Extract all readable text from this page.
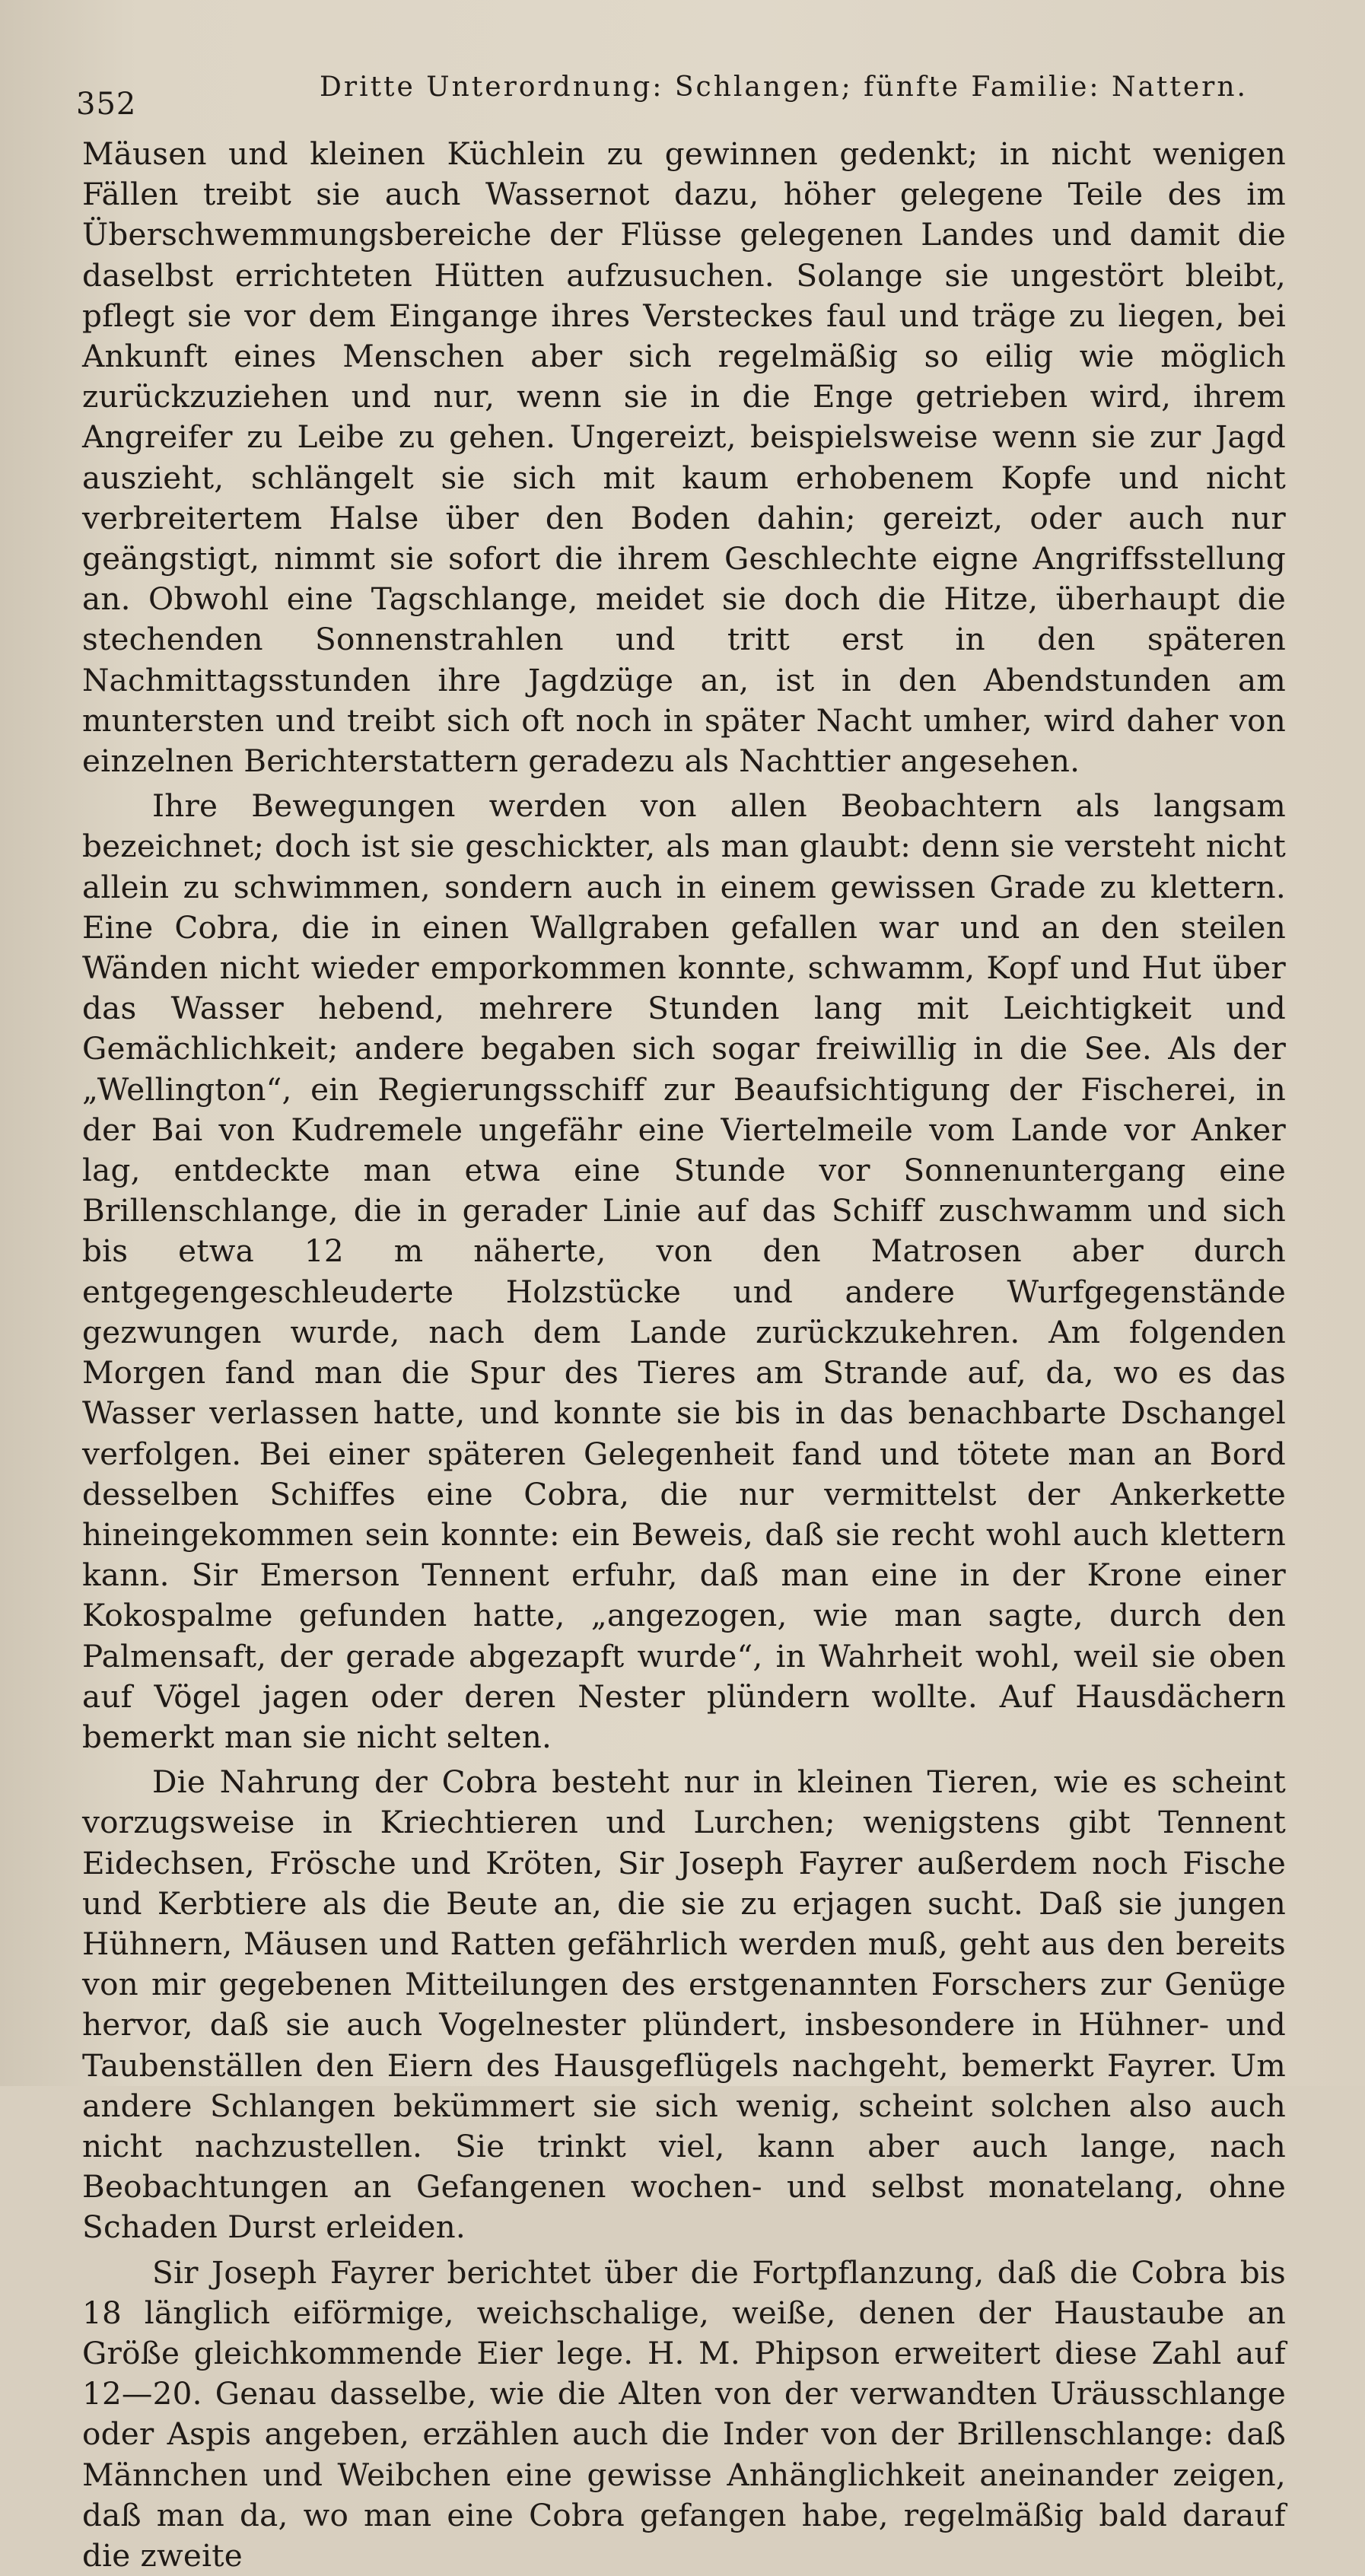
352	Dritte Unterordnung: Schlangen; fünfte Familie: Nattern.

Mäusen und kleinen Küchlein zu gewinnen gedenkt; in nicht wenigen Fällen treibt sie auch Wassernot dazu, höher gelegene Teile des im Überschwemmungsbereiche der Flüsse gelegenen Landes und damit die daselbst errichteten Hütten aufzusuchen. Solange sie ungestört bleibt, pflegt sie vor dem Eingange ihres Versteckes faul und träge zu liegen, bei Ankunft eines Menschen aber sich regelmäßig so eilig wie möglich zurückzuziehen und nur, wenn sie in die Enge getrieben wird, ihrem Angreifer zu Leibe zu gehen. Ungereizt, beispielsweise wenn sie zur Jagd auszieht, schlängelt sie sich mit kaum erhobenem Kopfe und nicht verbreitertem Halse über den Boden dahin; gereizt, oder auch nur geängstigt, nimmt sie sofort die ihrem Geschlechte eigne Angriffsstellung an. Obwohl eine Tagschlange, meidet sie doch die Hitze, überhaupt die stechenden Sonnenstrahlen und tritt erst in den späteren Nachmittagsstunden ihre Jagdzüge an, ist in den Abendstunden am muntersten und treibt sich oft noch in später Nacht umher, wird daher von einzelnen Berichterstattern geradezu als Nachttier angesehen.

Ihre Bewegungen werden von allen Beobachtern als langsam bezeichnet; doch ist sie geschickter, als man glaubt: denn sie versteht nicht allein zu schwimmen, sondern auch in einem gewissen Grade zu klettern. Eine Cobra, die in einen Wallgraben gefallen war und an den steilen Wänden nicht wieder emporkommen konnte, schwamm, Kopf und Hut über das Wasser hebend, mehrere Stunden lang mit Leichtigkeit und Gemächlichkeit; andere begaben sich sogar freiwillig in die See. Als der „Wellington“, ein Regierungsschiff zur Beaufsichtigung der Fischerei, in der Bai von Kudremele ungefähr eine Viertelmeile vom Lande vor Anker lag, entdeckte man etwa eine Stunde vor Sonnenuntergang eine Brillenschlange, die in gerader Linie auf das Schiff zuschwamm und sich bis etwa 12 m näherte, von den Matrosen aber durch entgegengeschleuderte Holzstücke und andere Wurfgegenstände gezwungen wurde, nach dem Lande zurückzukehren. Am folgenden Morgen fand man die Spur des Tieres am Strande auf, da, wo es das Wasser verlassen hatte, und konnte sie bis in das benachbarte Dschangel verfolgen. Bei einer späteren Gelegenheit fand und tötete man an Bord desselben Schiffes eine Cobra, die nur vermittelst der Ankerkette hineingekommen sein konnte: ein Beweis, daß sie recht wohl auch klettern kann. Sir Emerson Tennent erfuhr, daß man eine in der Krone einer Kokospalme gefunden hatte, „angezogen, wie man sagte, durch den Palmensaft, der gerade abgezapft wurde“, in Wahrheit wohl, weil sie oben auf Vögel jagen oder deren Nester plündern wollte. Auf Hausdächern bemerkt man sie nicht selten.

Die Nahrung der Cobra besteht nur in kleinen Tieren, wie es scheint vorzugsweise in Kriechtieren und Lurchen; wenigstens gibt Tennent Eidechsen, Frösche und Kröten, Sir Joseph Fayrer außerdem noch Fische und Kerbtiere als die Beute an, die sie zu erjagen sucht. Daß sie jungen Hühnern, Mäusen und Ratten gefährlich werden muß, geht aus den bereits von mir gegebenen Mitteilungen des erstgenannten Forschers zur Genüge hervor, daß sie auch Vogelnester plündert, insbesondere in Hühner- und Taubenställen den Eiern des Hausgeflügels nachgeht, bemerkt Fayrer. Um andere Schlangen bekümmert sie sich wenig, scheint solchen also auch nicht nachzustellen. Sie trinkt viel, kann aber auch lange, nach Beobachtungen an Gefangenen wochen- und selbst monatelang, ohne Schaden Durst erleiden.

Sir Joseph Fayrer berichtet über die Fortpflanzung, daß die Cobra bis 18 länglich eiförmige, weichschalige, weiße, denen der Haustaube an Größe gleichkommende Eier lege. H. M. Phipson erweitert diese Zahl auf 12—20. Genau dasselbe, wie die Alten von der verwandten Uräusschlange oder Aspis angeben, erzählen auch die Inder von der Brillenschlange: daß Männchen und Weibchen eine gewisse Anhänglichkeit aneinander zeigen, daß man da, wo man eine Cobra gefangen habe, regelmäßig bald darauf die zweite
